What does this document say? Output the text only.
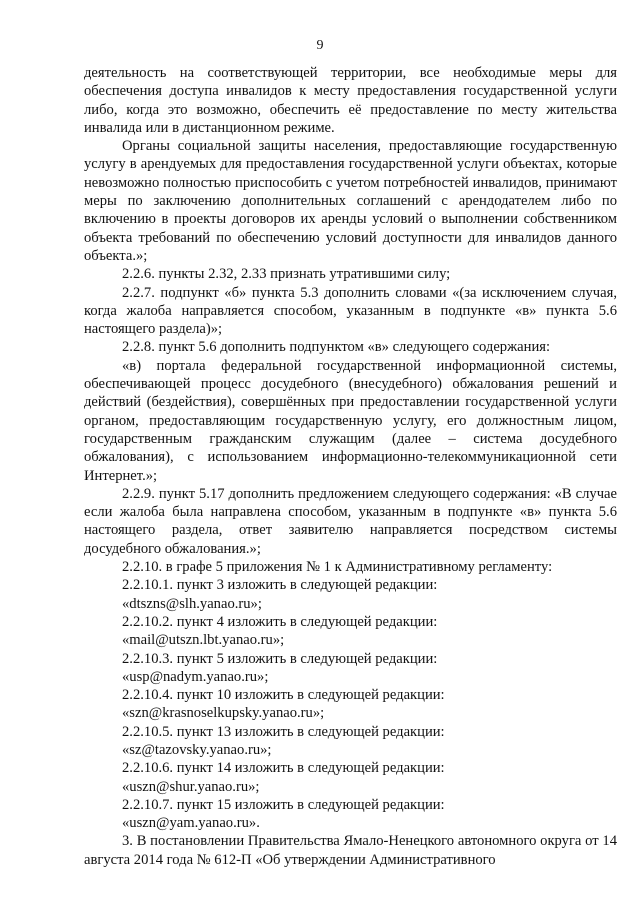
9

деятельность на соответствующей территории, все необходимые меры для обеспечения доступа инвалидов к месту предоставления государственной услуги либо, когда это возможно, обеспечить её предоставление по месту жительства инвалида или в дистанционном режиме.

Органы социальной защиты населения, предоставляющие государственную услугу в арендуемых для предоставления государственной услуги объектах, которые невозможно полностью приспособить с учетом потребностей инвалидов, принимают меры по заключению дополнительных соглашений с арендодателем либо по включению в проекты договоров их аренды условий о выполнении собственником объекта требований по обеспечению условий доступности для инвалидов данного объекта.»;

2.2.6. пункты 2.32, 2.33 признать утратившими силу;

2.2.7. подпункт «б» пункта 5.3 дополнить словами «(за исключением случая, когда жалоба направляется способом, указанным в подпункте «в» пункта 5.6 настоящего раздела)»;

2.2.8. пункт 5.6 дополнить подпунктом «в» следующего содержания:

«в) портала федеральной государственной информационной системы, обеспечивающей процесс досудебного (внесудебного) обжалования решений и действий (бездействия), совершённых при предоставлении государственной услуги органом, предоставляющим государственную услугу, его должностным лицом, государственным гражданским служащим (далее – система досудебного обжалования), с использованием информационно-телекоммуникационной сети Интернет.»;

2.2.9. пункт 5.17 дополнить предложением следующего содержания: «В случае если жалоба была направлена способом, указанным в подпункте «в» пункта 5.6 настоящего раздела, ответ заявителю направляется посредством системы досудебного обжалования.»;

2.2.10. в графе 5 приложения № 1 к Административному регламенту:

2.2.10.1. пункт 3 изложить в следующей редакции:

«dtszns@slh.yanao.ru»;

2.2.10.2. пункт 4 изложить в следующей редакции:

«mail@utszn.lbt.yanao.ru»;

2.2.10.3. пункт 5 изложить в следующей редакции:

«usp@nadym.yanao.ru»;

2.2.10.4. пункт 10 изложить в следующей редакции:

«szn@krasnoselkupsky.yanao.ru»;

2.2.10.5. пункт 13 изложить в следующей редакции:

«sz@tazovsky.yanao.ru»;

2.2.10.6. пункт 14 изложить в следующей редакции:

«uszn@shur.yanao.ru»;

2.2.10.7. пункт 15 изложить в следующей редакции:

«uszn@yam.yanao.ru».

3. В постановлении Правительства Ямало-Ненецкого автономного округа от 14 августа 2014 года № 612-П «Об утверждении Административного
